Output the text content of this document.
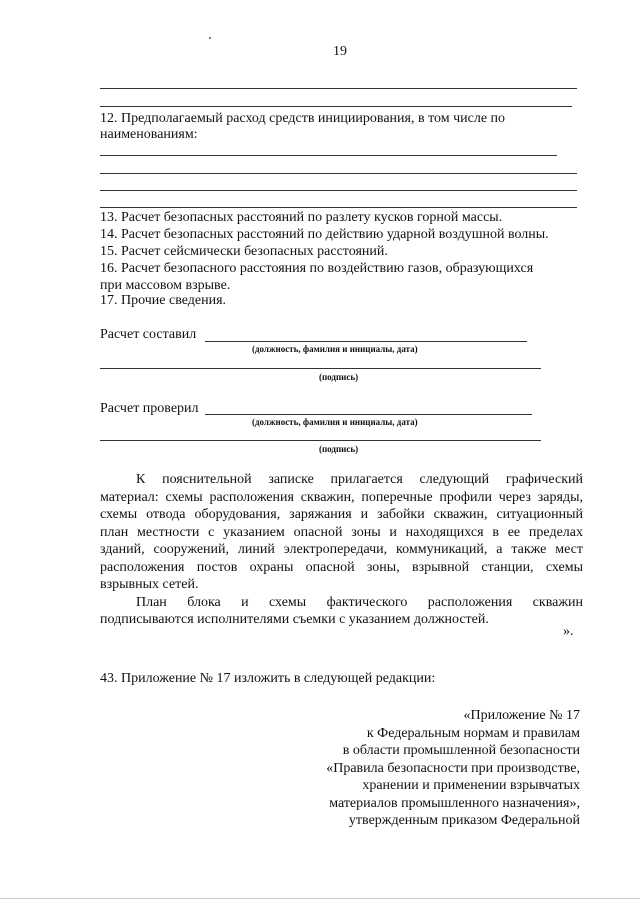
19

12. Предполагаемый расход средств инициирования, в том числе по

наименованиям:

13. Расчет безопасных расстояний по разлету кусков горной массы.

14. Расчет безопасных расстояний по действию ударной воздушной волны.

15. Расчет сейсмически безопасных расстояний.

16. Расчет безопасного расстояния по воздействию газов, образующихся

при массовом взрыве.

17. Прочие сведения.

Расчет составил

(должность, фамилия и инициалы, дата)

(подпись)

Расчет проверил

(должность, фамилия и инициалы, дата)

(подпись)

К пояснительной записке прилагается следующий графический
материал: схемы расположения скважин, поперечные профили через заряды,
схемы отвода оборудования, заряжания и забойки скважин, ситуационный
план местности с указанием опасной зоны и находящихся в ее пределах
зданий, сооружений, линий электропередачи, коммуникаций, а также мест
расположения постов охраны опасной зоны, взрывной станции, схемы
взрывных сетей.
План блока и схемы фактического расположения скважин
подписываются исполнителями съемки с указанием должностей.

».

43. Приложение № 17 изложить в следующей редакции:

«Приложение № 17
к Федеральным нормам и правилам
в области промышленной безопасности
«Правила безопасности при производстве,
хранении и применении взрывчатых
материалов промышленного назначения»,
утвержденным приказом Федеральной
